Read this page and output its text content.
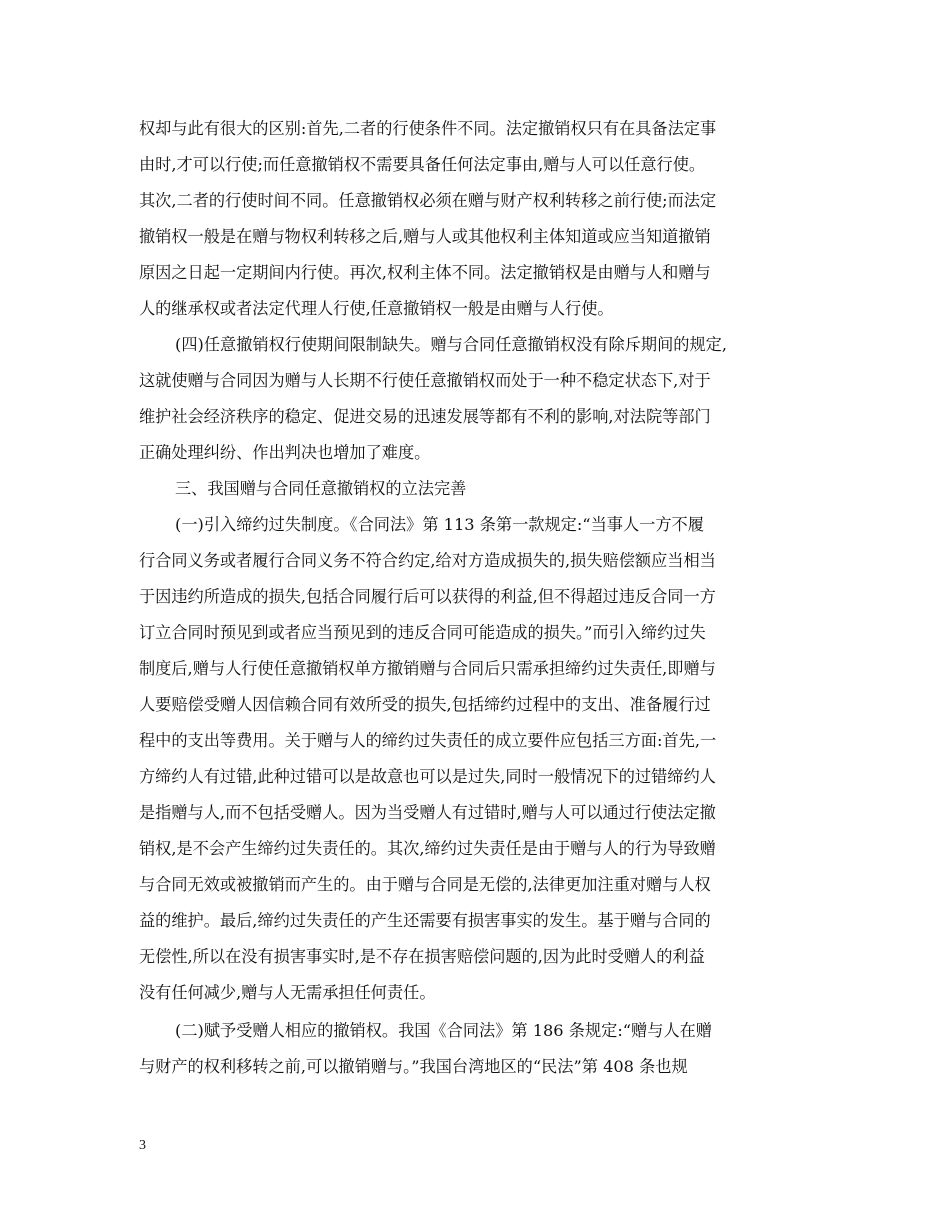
权却与此有很大的区别:首先,二者的行使条件不同。法定撤销权只有在具备法定事
由时,才可以行使;而任意撤销权不需要具备任何法定事由,赠与人可以任意行使。
其次,二者的行使时间不同。任意撤销权必须在赠与财产权利转移之前行使;而法定
撤销权一般是在赠与物权利转移之后,赠与人或其他权利主体知道或应当知道撤销
原因之日起一定期间内行使。再次,权利主体不同。法定撤销权是由赠与人和赠与
人的继承权或者法定代理人行使,任意撤销权一般是由赠与人行使。
(四)任意撤销权行使期间限制缺失。赠与合同任意撤销权没有除斥期间的规定,
这就使赠与合同因为赠与人长期不行使任意撤销权而处于一种不稳定状态下,对于
维护社会经济秩序的稳定、促进交易的迅速发展等都有不利的影响,对法院等部门
正确处理纠纷、作出判决也增加了难度。
三、我国赠与合同任意撤销权的立法完善
(一)引入缔约过失制度。《合同法》第 113 条第一款规定:“当事人一方不履
行合同义务或者履行合同义务不符合约定,给对方造成损失的,损失赔偿额应当相当
于因违约所造成的损失,包括合同履行后可以获得的利益,但不得超过违反合同一方
订立合同时预见到或者应当预见到的违反合同可能造成的损失。”而引入缔约过失
制度后,赠与人行使任意撤销权单方撤销赠与合同后只需承担缔约过失责任,即赠与
人要赔偿受赠人因信赖合同有效所受的损失,包括缔约过程中的支出、准备履行过
程中的支出等费用。关于赠与人的缔约过失责任的成立要件应包括三方面:首先,一
方缔约人有过错,此种过错可以是故意也可以是过失,同时一般情况下的过错缔约人
是指赠与人,而不包括受赠人。因为当受赠人有过错时,赠与人可以通过行使法定撤
销权,是不会产生缔约过失责任的。其次,缔约过失责任是由于赠与人的行为导致赠
与合同无效或被撤销而产生的。由于赠与合同是无偿的,法律更加注重对赠与人权
益的维护。最后,缔约过失责任的产生还需要有损害事实的发生。基于赠与合同的
无偿性,所以在没有损害事实时,是不存在损害赔偿问题的,因为此时受赠人的利益
没有任何减少,赠与人无需承担任何责任。
(二)赋予受赠人相应的撤销权。我国《合同法》第 186 条规定:“赠与人在赠
与财产的权利移转之前,可以撤销赠与。”我国台湾地区的“民法”第 408 条也规
3
